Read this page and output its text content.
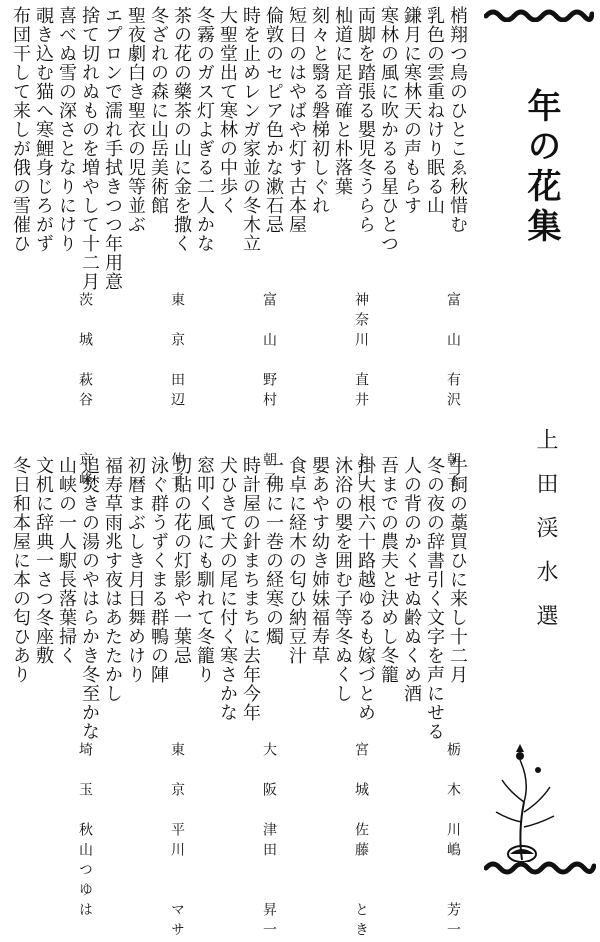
年の花集
上田渓水選
梢翔つ鳥のひとこゑ秋惜む
乳色の雲重ねけり眠る山
鎌月に寒林天の声もらす
寒林の風に吹かるる星ひとつ
両脚を踏張る嬰児冬うらら
杣道に足音確と朴落葉
刻々と翳る磐梯初しぐれ
短日のはやばや灯す古本屋
倫敦のセピア色かな漱石忌
時を止めレンガ家並の冬木立
大聖堂出て寒林の中歩く
冬霧のガス灯よぎる二人かな
茶の花の藥茶の山に金を撒く
冬ざれの森に山岳美術館
聖夜劇白き聖衣の児等並ぶ
エプロンで濡れ手拭きつつ年用意
捨て切れぬものを増やして十二月
喜べぬ雪の深さとなりにけり
覗き込む猫へ寒鯉身じろがず
布団干して来しが俄の雪催ひ
富　山　有沢　　朝子
神奈川　直井　　よし
富　山　野村　　朝子
東　京　田辺　　伸子
茨　城　萩谷　　京峰
牛飼の藁買ひに来し十二月
冬の夜の辞書引く文字を声にせる
人の背のかくせぬ齢ぬくめ酒
吾までの農夫と決めし冬籠
掛大根六十路越ゆるも嫁づとめ
沐浴の嬰を囲む子等冬ぬくし
嬰あやす幼き姉妹福寿草
食卓に経木の匂ひ納豆汁
一佛に一巻の経寒の燭
時計屋の針まちまちに去年今年
犬ひきて犬の尾に付く寒さかな
窓叩く風にも馴れて冬籠り
切貼の花の灯影や一葉忌
泳ぐ群うずくまる群鴨の陣
初暦まぶしき月日舞めけり
福寿草雨兆す夜はあたたかし
追焚きの湯のやはらかき冬至かな
山峡の一人駅長落葉掃く
文机に辞典一さつ冬座敷
冬日和本屋に本の匂ひあり
栃　木　川嶋　　芳一
宮　城　佐藤　　とき
大　阪　津田　　昇一
東　京　平川　　マサ
埼　玉　秋山つゆは
